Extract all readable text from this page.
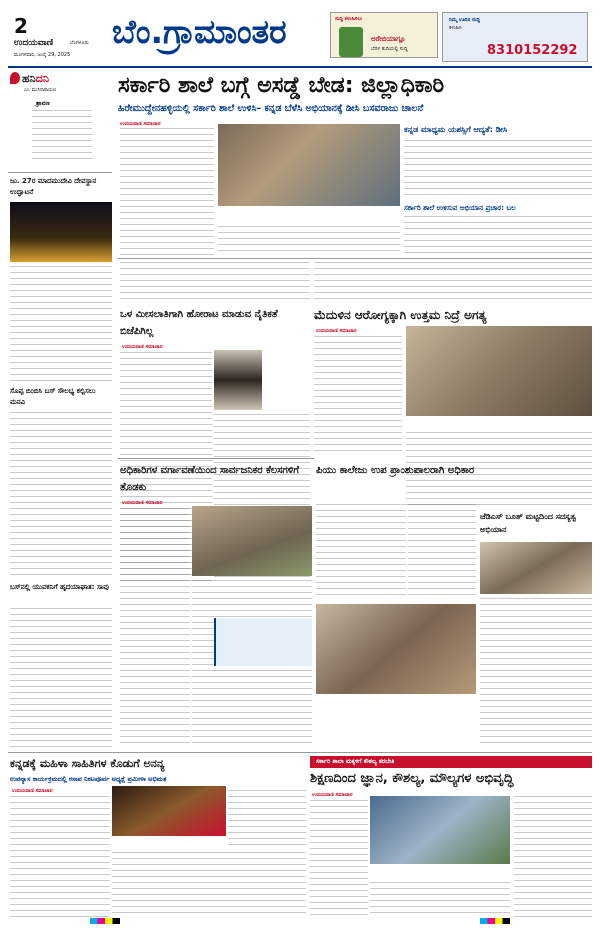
2
ಉದಯವಾಣಿ	ಬೆಂಗಳೂರು
ಮಂಗಳವಾರ, ಜುಲೈ 29, 2025
ಬೆಂ.ಗ್ರಾಮಾಂತರ	ಸುದ್ದಿ ಕಳುಹಿಸಲು
ಅರೇಬಿಯಾಗ್ಲೂ
ಬೆರಳ ತುದಿಯಲ್ಲಿ ಸುದ್ದಿ
ನಿಮ್ಮ ಊರಿನ ಸುದ್ದಿ
ಕಳುಹಿಸಿ
8310152292
ಹನಿದನಿ
ಎಂ. ಮುನಿನಾರಾಯಣ
ಶ್ರಾವಣ
ಜು. 27ರ ಮಾದಮುದೇವಿ ದೇವಸ್ಥಾನ ಉದ್ಘಾಟನೆ
ಸೊಪ್ಪ ಬಿಂಬಿಸಿ ಬಸ್ ಸೌಲಭ್ಯ ಕಲ್ಪಿಸಲು ಮನವಿ
ಬಸ್‌ನಲ್ಲಿ ಯುವಕನಿಗೆ ಹೃದಯಾಘಾತ: ಸಾವು
ಸರ್ಕಾರಿ ಶಾಲೆ ಬಗ್ಗೆ ಅಸಡ್ಡೆ ಬೇಡ: ಜಿಲ್ಲಾಧಿಕಾರಿ
ಹಿರೇಮುದ್ದೇನಹಳ್ಳಿಯಲ್ಲಿ ಸರ್ಕಾರಿ ಶಾಲೆ ಉಳಿಸಿ– ಕನ್ನಡ ಬೆಳೆಸಿ ಅಭಿಯಾನಕ್ಕೆ ಡೀಸಿ ಬಸವರಾಜು ಚಾಲನೆ
ಉದಯವಾಣಿ ಸಮಾಚಾರ
ಕನ್ನಡ ಮಾಧ್ಯಮ ಯಶಸ್ಸಿಗೆ ಆದ್ಯತೆ: ಡೀಸಿ
ಸರ್ಕಾರಿ ಶಾಲೆ ಉಳಿಸುವ ಅಭಿಯಾನ ಪ್ರಚಾರ: ಬಲ
ಒಳ ಮೀಸಲಾತಿಗಾಗಿ ಹೋರಾಟ ಮಾಡುವ ನೈತಿಕತೆ ಬಿಜೆಪಿಗಿಲ್ಲ
ಉದಯವಾಣಿ ಸಮಾಚಾರ
ಮೆದುಳಿನ ಆರೋಗ್ಯಕ್ಕಾಗಿ ಉತ್ತಮ ನಿದ್ರೆ ಅಗತ್ಯ
ಉದಯವಾಣಿ ಸಮಾಚಾರ
ಅಧಿಕಾರಿಗಳ ವರ್ಗಾವಣೆಯಿಂದ ಸಾರ್ವಜನಿಕರ ಕೆಲಸಗಳಿಗೆ ತೊಡಕು
ಉದಯವಾಣಿ ಸಮಾಚಾರ
ಪಿಯು ಕಾಲೇಜು ಉಪ ಪ್ರಾಂಶುಪಾಲರಾಗಿ ಅಧಿಕಾರ
ಜೆಡಿಎಸ್ ಬೂತ್ ಮಟ್ಟದಿಂದ ಸದಸ್ಯತ್ವ ಅಭಿಯಾನ
ಕನ್ನಡಕ್ಕೆ ಮಹಿಳಾ ಸಾಹಿತಿಗಳ ಕೊಡುಗೆ ಅನನ್ಯ
ಉಪನ್ಯಾಸ ಕಾರ್ಯಕ್ರಮದಲ್ಲಿ ಕಸಾಪ ನಿಕಟಪೂರ್ವ ಅಧ್ಯಕ್ಷೆ ಪ್ರಮೀಳಾ ಅಭಿಮತ
ಉದಯವಾಣಿ ಸಮಾಚಾರ
ಸರ್ಕಾರಿ ಶಾಲಾ ಮಕ್ಕಳಿಗೆ ಕೌಶಲ್ಯ ತರಬೇತಿ
ಶಿಕ್ಷಣದಿಂದ ಜ್ಞಾನ, ಕೌಶಲ್ಯ, ಮೌಲ್ಯಗಳ ಅಭಿವೃದ್ಧಿ
ಉದಯವಾಣಿ ಸಮಾಚಾರ
